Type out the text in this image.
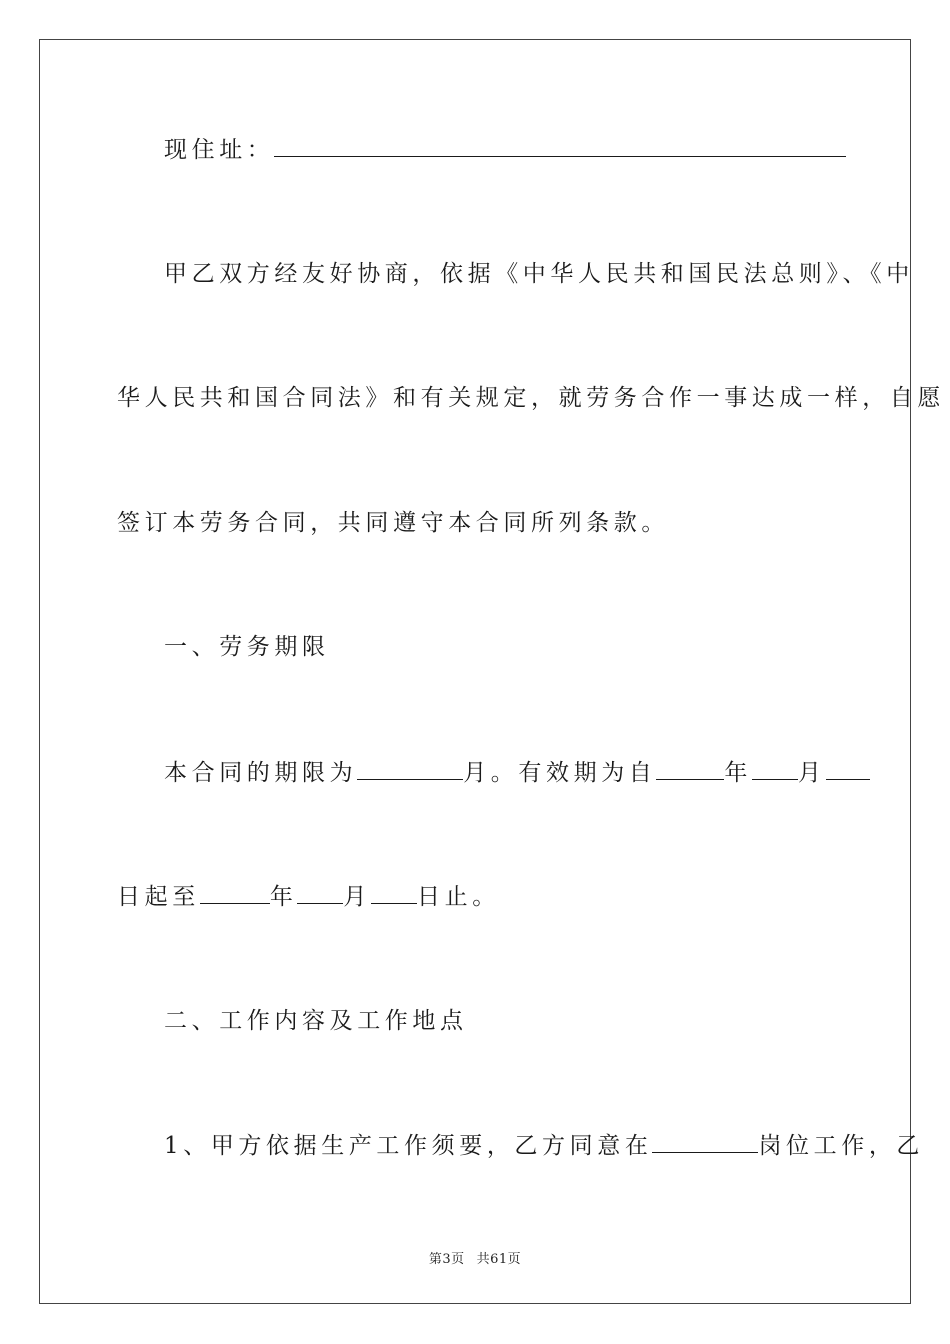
现住址：
甲乙双方经友好协商，依据《中华人民共和国民法总则》、《中
华人民共和国合同法》和有关规定，就劳务合作一事达成一样，自愿
签订本劳务合同，共同遵守本合同所列条款。
一、劳务期限
本合同的期限为	月。有效期为自	年 月
日起至	年 月 日止。
二、工作内容及工作地点
1、甲方依据生产工作须要，乙方同意在	岗位工作，乙
第3页 共61页
